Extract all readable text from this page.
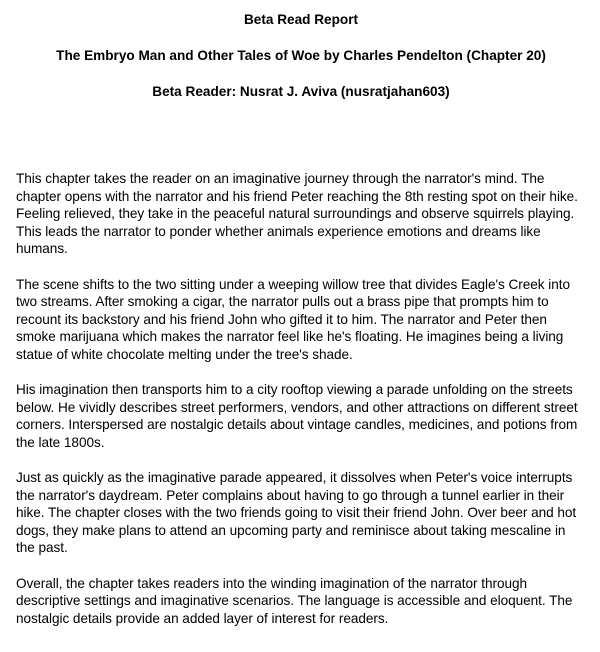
Beta Read Report
The Embryo Man and Other Tales of Woe by Charles Pendelton (Chapter 20)
Beta Reader: Nusrat J. Aviva (nusratjahan603)

This chapter takes the reader on an imaginative journey through the narrator's mind. The chapter opens with the narrator and his friend Peter reaching the 8th resting spot on their hike. Feeling relieved, they take in the peaceful natural surroundings and observe squirrels playing. This leads the narrator to ponder whether animals experience emotions and dreams like humans.

The scene shifts to the two sitting under a weeping willow tree that divides Eagle's Creek into two streams. After smoking a cigar, the narrator pulls out a brass pipe that prompts him to recount its backstory and his friend John who gifted it to him. The narrator and Peter then smoke marijuana which makes the narrator feel like he's floating. He imagines being a living statue of white chocolate melting under the tree's shade.

His imagination then transports him to a city rooftop viewing a parade unfolding on the streets below. He vividly describes street performers, vendors, and other attractions on different street corners. Interspersed are nostalgic details about vintage candles, medicines, and potions from the late 1800s.

Just as quickly as the imaginative parade appeared, it dissolves when Peter's voice interrupts the narrator's daydream. Peter complains about having to go through a tunnel earlier in their hike. The chapter closes with the two friends going to visit their friend John. Over beer and hot dogs, they make plans to attend an upcoming party and reminisce about taking mescaline in the past.

Overall, the chapter takes readers into the winding imagination of the narrator through descriptive settings and imaginative scenarios. The language is accessible and eloquent. The nostalgic details provide an added layer of interest for readers.
